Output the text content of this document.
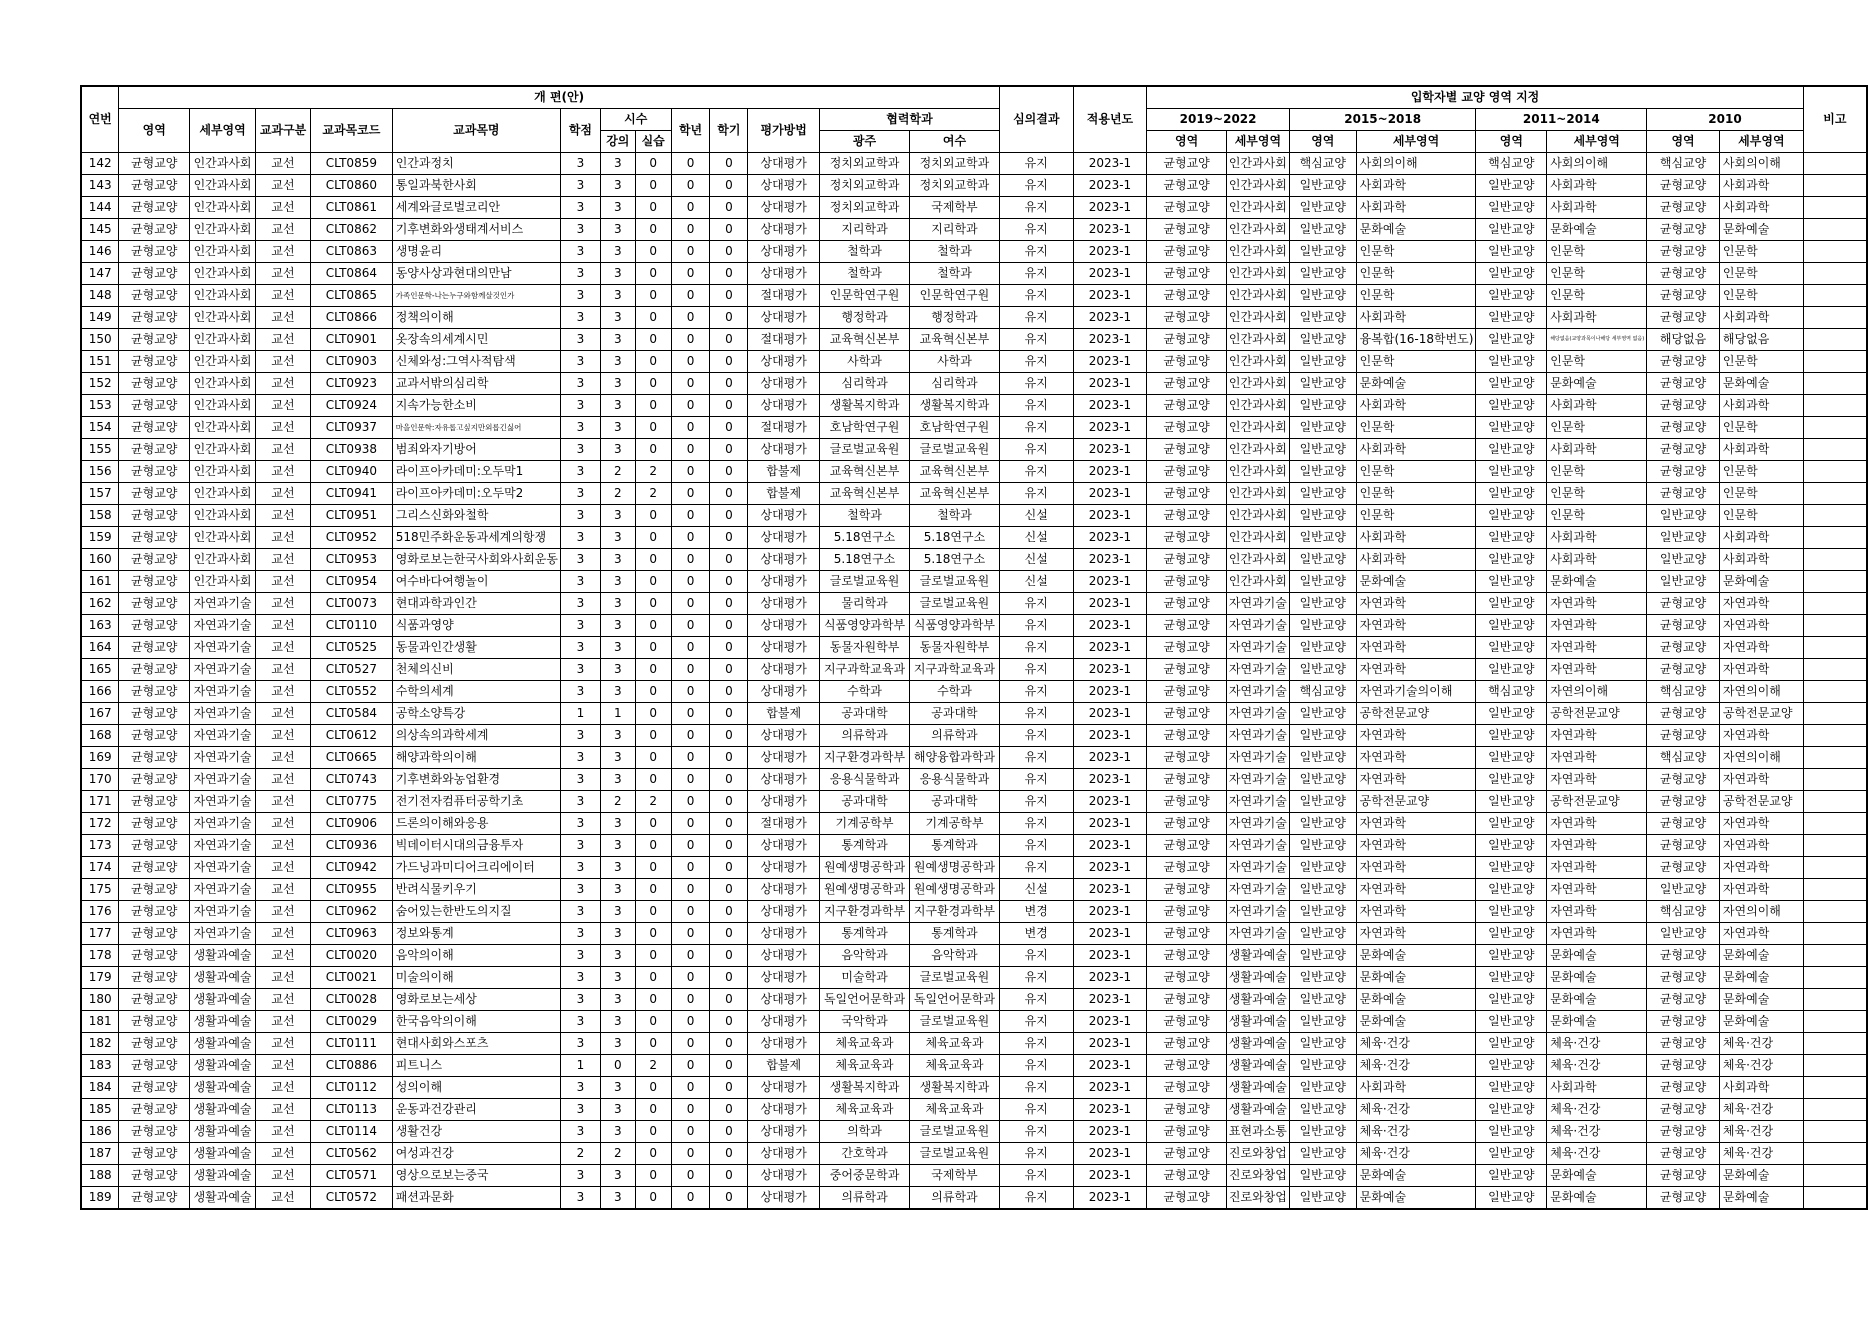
연번	개 편(안)													심의결과	적용년도	입학자별 교양 영역 지정								비고
	영역	세부영역	교과구분	교과목코드	교과목명	학점	시수		학년	학기	평가방법	협력학과				2019~2022		2015~2018		2011~2014		2010		
							강의	실습				광주	여수			영역	세부영역	영역	세부영역	영역	세부영역	영역	세부영역	
142	균형교양	인간과사회	교선	CLT0859	인간과정치	3	3	0	0	0	상대평가	정치외교학과	정치외교학과	유지	2023-1	균형교양	인간과사회	핵심교양	사회의이해	핵심교양	사회의이해	핵심교양	사회의이해	
143	균형교양	인간과사회	교선	CLT0860	통일과북한사회	3	3	0	0	0	상대평가	정치외교학과	정치외교학과	유지	2023-1	균형교양	인간과사회	일반교양	사회과학	일반교양	사회과학	균형교양	사회과학	
144	균형교양	인간과사회	교선	CLT0861	세계와글로벌코리안	3	3	0	0	0	상대평가	정치외교학과	국제학부	유지	2023-1	균형교양	인간과사회	일반교양	사회과학	일반교양	사회과학	균형교양	사회과학	
145	균형교양	인간과사회	교선	CLT0862	기후변화와생태계서비스	3	3	0	0	0	상대평가	지리학과	지리학과	유지	2023-1	균형교양	인간과사회	일반교양	문화예술	일반교양	문화예술	균형교양	문화예술	
146	균형교양	인간과사회	교선	CLT0863	생명윤리	3	3	0	0	0	상대평가	철학과	철학과	유지	2023-1	균형교양	인간과사회	일반교양	인문학	일반교양	인문학	균형교양	인문학	
147	균형교양	인간과사회	교선	CLT0864	동양사상과현대의만남	3	3	0	0	0	상대평가	철학과	철학과	유지	2023-1	균형교양	인간과사회	일반교양	인문학	일반교양	인문학	균형교양	인문학	
148	균형교양	인간과사회	교선	CLT0865	가족인문학-나는누구와함께살것인가	3	3	0	0	0	절대평가	인문학연구원	인문학연구원	유지	2023-1	균형교양	인간과사회	일반교양	인문학	일반교양	인문학	균형교양	인문학	
149	균형교양	인간과사회	교선	CLT0866	정책의이해	3	3	0	0	0	상대평가	행정학과	행정학과	유지	2023-1	균형교양	인간과사회	일반교양	사회과학	일반교양	사회과학	균형교양	사회과학	
150	균형교양	인간과사회	교선	CLT0901	옷장속의세계시민	3	3	0	0	0	절대평가	교육혁신본부	교육혁신본부	유지	2023-1	균형교양	인간과사회	일반교양	융복합(16-18학번도)	일반교양	해당없음(교양과목이나해당 세부영역 없음)	해당없음	해당없음	
151	균형교양	인간과사회	교선	CLT0903	신체와성:그역사적탐색	3	3	0	0	0	상대평가	사학과	사학과	유지	2023-1	균형교양	인간과사회	일반교양	인문학	일반교양	인문학	균형교양	인문학	
152	균형교양	인간과사회	교선	CLT0923	교과서밖의심리학	3	3	0	0	0	상대평가	심리학과	심리학과	유지	2023-1	균형교양	인간과사회	일반교양	문화예술	일반교양	문화예술	균형교양	문화예술	
153	균형교양	인간과사회	교선	CLT0924	지속가능한소비	3	3	0	0	0	상대평가	생활복지학과	생활복지학과	유지	2023-1	균형교양	인간과사회	일반교양	사회과학	일반교양	사회과학	균형교양	사회과학	
154	균형교양	인간과사회	교선	CLT0937	마을인문학:자유롭고싶지만외롭긴싫어	3	3	0	0	0	절대평가	호남학연구원	호남학연구원	유지	2023-1	균형교양	인간과사회	일반교양	인문학	일반교양	인문학	균형교양	인문학	
155	균형교양	인간과사회	교선	CLT0938	범죄와자기방어	3	3	0	0	0	상대평가	글로벌교육원	글로벌교육원	유지	2023-1	균형교양	인간과사회	일반교양	사회과학	일반교양	사회과학	균형교양	사회과학	
156	균형교양	인간과사회	교선	CLT0940	라이프아카데미:오두막1	3	2	2	0	0	합불제	교육혁신본부	교육혁신본부	유지	2023-1	균형교양	인간과사회	일반교양	인문학	일반교양	인문학	균형교양	인문학	
157	균형교양	인간과사회	교선	CLT0941	라이프아카데미:오두막2	3	2	2	0	0	합불제	교육혁신본부	교육혁신본부	유지	2023-1	균형교양	인간과사회	일반교양	인문학	일반교양	인문학	균형교양	인문학	
158	균형교양	인간과사회	교선	CLT0951	그리스신화와철학	3	3	0	0	0	상대평가	철학과	철학과	신설	2023-1	균형교양	인간과사회	일반교양	인문학	일반교양	인문학	일반교양	인문학	
159	균형교양	인간과사회	교선	CLT0952	518민주화운동과세계의항쟁	3	3	0	0	0	상대평가	5.18연구소	5.18연구소	신설	2023-1	균형교양	인간과사회	일반교양	사회과학	일반교양	사회과학	일반교양	사회과학	
160	균형교양	인간과사회	교선	CLT0953	영화로보는한국사회와사회운동	3	3	0	0	0	상대평가	5.18연구소	5.18연구소	신설	2023-1	균형교양	인간과사회	일반교양	사회과학	일반교양	사회과학	일반교양	사회과학	
161	균형교양	인간과사회	교선	CLT0954	여수바다여행놀이	3	3	0	0	0	상대평가	글로벌교육원	글로벌교육원	신설	2023-1	균형교양	인간과사회	일반교양	문화예술	일반교양	문화예술	일반교양	문화예술	
162	균형교양	자연과기술	교선	CLT0073	현대과학과인간	3	3	0	0	0	상대평가	물리학과	글로벌교육원	유지	2023-1	균형교양	자연과기술	일반교양	자연과학	일반교양	자연과학	균형교양	자연과학	
163	균형교양	자연과기술	교선	CLT0110	식품과영양	3	3	0	0	0	상대평가	식품영양과학부	식품영양과학부	유지	2023-1	균형교양	자연과기술	일반교양	자연과학	일반교양	자연과학	균형교양	자연과학	
164	균형교양	자연과기술	교선	CLT0525	동물과인간생활	3	3	0	0	0	상대평가	동물자원학부	동물자원학부	유지	2023-1	균형교양	자연과기술	일반교양	자연과학	일반교양	자연과학	균형교양	자연과학	
165	균형교양	자연과기술	교선	CLT0527	천체의신비	3	3	0	0	0	상대평가	지구과학교육과	지구과학교육과	유지	2023-1	균형교양	자연과기술	일반교양	자연과학	일반교양	자연과학	균형교양	자연과학	
166	균형교양	자연과기술	교선	CLT0552	수학의세계	3	3	0	0	0	상대평가	수학과	수학과	유지	2023-1	균형교양	자연과기술	핵심교양	자연과기술의이해	핵심교양	자연의이해	핵심교양	자연의이해	
167	균형교양	자연과기술	교선	CLT0584	공학소양특강	1	1	0	0	0	합불제	공과대학	공과대학	유지	2023-1	균형교양	자연과기술	일반교양	공학전문교양	일반교양	공학전문교양	균형교양	공학전문교양	
168	균형교양	자연과기술	교선	CLT0612	의상속의과학세계	3	3	0	0	0	상대평가	의류학과	의류학과	유지	2023-1	균형교양	자연과기술	일반교양	자연과학	일반교양	자연과학	균형교양	자연과학	
169	균형교양	자연과기술	교선	CLT0665	해양과학의이해	3	3	0	0	0	상대평가	지구환경과학부	해양융합과학과	유지	2023-1	균형교양	자연과기술	일반교양	자연과학	일반교양	자연과학	핵심교양	자연의이해	
170	균형교양	자연과기술	교선	CLT0743	기후변화와농업환경	3	3	0	0	0	상대평가	응용식물학과	응용식물학과	유지	2023-1	균형교양	자연과기술	일반교양	자연과학	일반교양	자연과학	균형교양	자연과학	
171	균형교양	자연과기술	교선	CLT0775	전기전자컴퓨터공학기초	3	2	2	0	0	상대평가	공과대학	공과대학	유지	2023-1	균형교양	자연과기술	일반교양	공학전문교양	일반교양	공학전문교양	균형교양	공학전문교양	
172	균형교양	자연과기술	교선	CLT0906	드론의이해와응용	3	3	0	0	0	절대평가	기계공학부	기계공학부	유지	2023-1	균형교양	자연과기술	일반교양	자연과학	일반교양	자연과학	균형교양	자연과학	
173	균형교양	자연과기술	교선	CLT0936	빅데이터시대의금융투자	3	3	0	0	0	상대평가	통계학과	통계학과	유지	2023-1	균형교양	자연과기술	일반교양	자연과학	일반교양	자연과학	균형교양	자연과학	
174	균형교양	자연과기술	교선	CLT0942	가드닝과미디어크리에이터	3	3	0	0	0	상대평가	원예생명공학과	원예생명공학과	유지	2023-1	균형교양	자연과기술	일반교양	자연과학	일반교양	자연과학	균형교양	자연과학	
175	균형교양	자연과기술	교선	CLT0955	반려식물키우기	3	3	0	0	0	상대평가	원예생명공학과	원예생명공학과	신설	2023-1	균형교양	자연과기술	일반교양	자연과학	일반교양	자연과학	일반교양	자연과학	
176	균형교양	자연과기술	교선	CLT0962	숨어있는한반도의지질	3	3	0	0	0	상대평가	지구환경과학부	지구환경과학부	변경	2023-1	균형교양	자연과기술	일반교양	자연과학	일반교양	자연과학	핵심교양	자연의이해	
177	균형교양	자연과기술	교선	CLT0963	정보와통계	3	3	0	0	0	상대평가	통계학과	통계학과	변경	2023-1	균형교양	자연과기술	일반교양	자연과학	일반교양	자연과학	일반교양	자연과학	
178	균형교양	생활과예술	교선	CLT0020	음악의이해	3	3	0	0	0	상대평가	음악학과	음악학과	유지	2023-1	균형교양	생활과예술	일반교양	문화예술	일반교양	문화예술	균형교양	문화예술	
179	균형교양	생활과예술	교선	CLT0021	미술의이해	3	3	0	0	0	상대평가	미술학과	글로벌교육원	유지	2023-1	균형교양	생활과예술	일반교양	문화예술	일반교양	문화예술	균형교양	문화예술	
180	균형교양	생활과예술	교선	CLT0028	영화로보는세상	3	3	0	0	0	상대평가	독일언어문학과	독일언어문학과	유지	2023-1	균형교양	생활과예술	일반교양	문화예술	일반교양	문화예술	균형교양	문화예술	
181	균형교양	생활과예술	교선	CLT0029	한국음악의이해	3	3	0	0	0	상대평가	국악학과	글로벌교육원	유지	2023-1	균형교양	생활과예술	일반교양	문화예술	일반교양	문화예술	균형교양	문화예술	
182	균형교양	생활과예술	교선	CLT0111	현대사회와스포츠	3	3	0	0	0	상대평가	체육교육과	체육교육과	유지	2023-1	균형교양	생활과예술	일반교양	체육·건강	일반교양	체육·건강	균형교양	체육·건강	
183	균형교양	생활과예술	교선	CLT0886	피트니스	1	0	2	0	0	합불제	체육교육과	체육교육과	유지	2023-1	균형교양	생활과예술	일반교양	체육·건강	일반교양	체육·건강	균형교양	체육·건강	
184	균형교양	생활과예술	교선	CLT0112	성의이해	3	3	0	0	0	상대평가	생활복지학과	생활복지학과	유지	2023-1	균형교양	생활과예술	일반교양	사회과학	일반교양	사회과학	균형교양	사회과학	
185	균형교양	생활과예술	교선	CLT0113	운동과건강관리	3	3	0	0	0	상대평가	체육교육과	체육교육과	유지	2023-1	균형교양	생활과예술	일반교양	체육·건강	일반교양	체육·건강	균형교양	체육·건강	
186	균형교양	생활과예술	교선	CLT0114	생활건강	3	3	0	0	0	상대평가	의학과	글로벌교육원	유지	2023-1	균형교양	표현과소통	일반교양	체육·건강	일반교양	체육·건강	균형교양	체육·건강	
187	균형교양	생활과예술	교선	CLT0562	여성과건강	2	2	0	0	0	상대평가	간호학과	글로벌교육원	유지	2023-1	균형교양	진로와창업	일반교양	체육·건강	일반교양	체육·건강	균형교양	체육·건강	
188	균형교양	생활과예술	교선	CLT0571	영상으로보는중국	3	3	0	0	0	상대평가	중어중문학과	국제학부	유지	2023-1	균형교양	진로와창업	일반교양	문화예술	일반교양	문화예술	균형교양	문화예술	
189	균형교양	생활과예술	교선	CLT0572	패션과문화	3	3	0	0	0	상대평가	의류학과	의류학과	유지	2023-1	균형교양	진로와창업	일반교양	문화예술	일반교양	문화예술	균형교양	문화예술	
